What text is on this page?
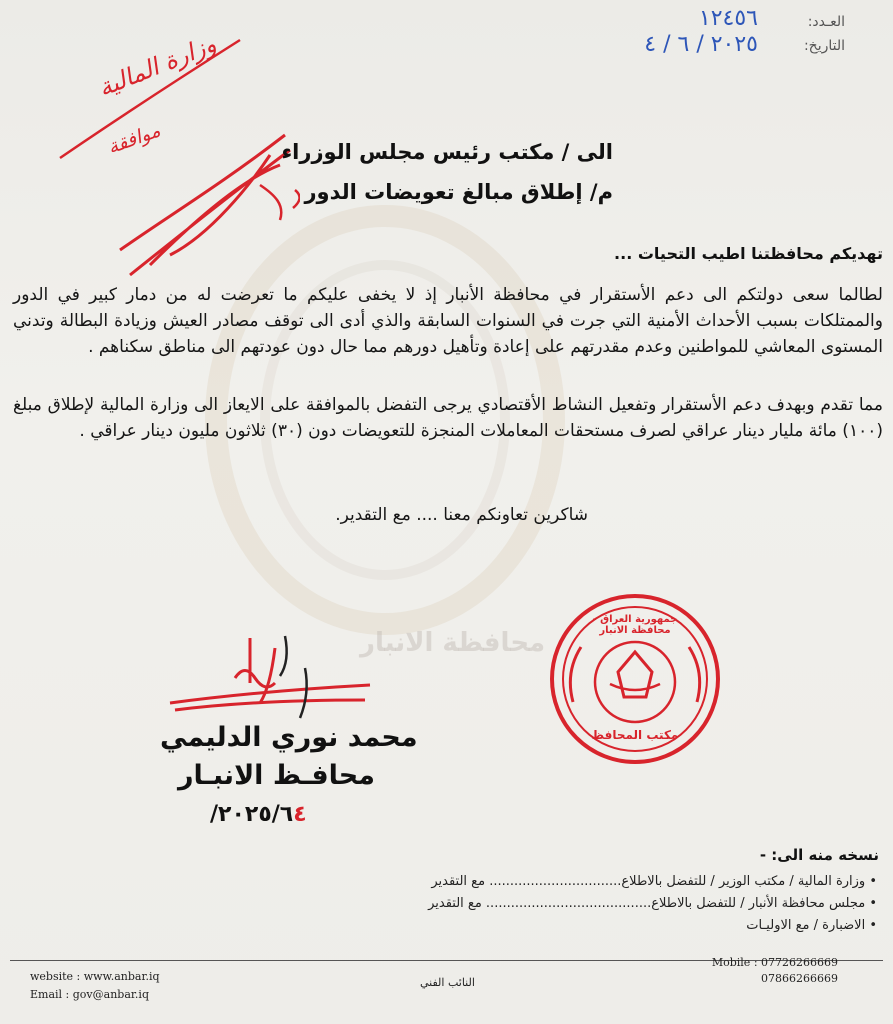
محافظة الانبار
العـدد:
١٢٤٥٦
التاريخ:
٢٠٢٥ / ٦ / ٤
وزارة المالية
موافقة	الى / مكتب رئيس مجلس الوزراء
م/ إطلاق مبالغ تعويضات الدور
تهديكم محافظتنا اطيب التحيات ...
لطالما سعى دولتكم الى دعم الأستقرار في محافظة الأنبار إذ لا يخفى عليكم ما تعرضت له من دمار كبير في الدور والممتلكات بسبب الأحداث الأمنية التي جرت في السنوات السابقة والذي أدى الى توقف مصادر العيش وزيادة البطالة وتدني المستوى المعاشي للمواطنين وعدم مقدرتهم على إعادة وتأهيل دورهم مما حال دون عودتهم الى مناطق سكناهم .
مما تقدم وبهدف دعم الأستقرار وتفعيل النشاط الأقتصادي يرجى التفضل بالموافقة على الايعاز الى وزارة المالية لإطلاق مبلغ (١٠٠) مائة مليار دينار عراقي لصرف مستحقات المعاملات المنجزة للتعويضات دون (٣٠) ثلاثون مليون دينار عراقي .
شاكرين تعاونكم معنا .... مع التقدير.
جمهورية العراق - محافظة الانبار
مكتب المحافظ
محمد نوري الدليمي
محافـظ الانبـار
/٢٠٢٥/٦٤
نسخه منه الى: -
• وزارة المالية / مكتب الوزير / للتفضل بالاطلاع................................ مع التقدير
• مجلس محافظة الأنبار / للتفضل بالاطلاع........................................ مع التقدير
• الاضبارة / مع الاوليـات
website : www.anbar.iq
Email : gov@anbar.iq
النائب الفني
Mobile : 07726266669
07866266669
